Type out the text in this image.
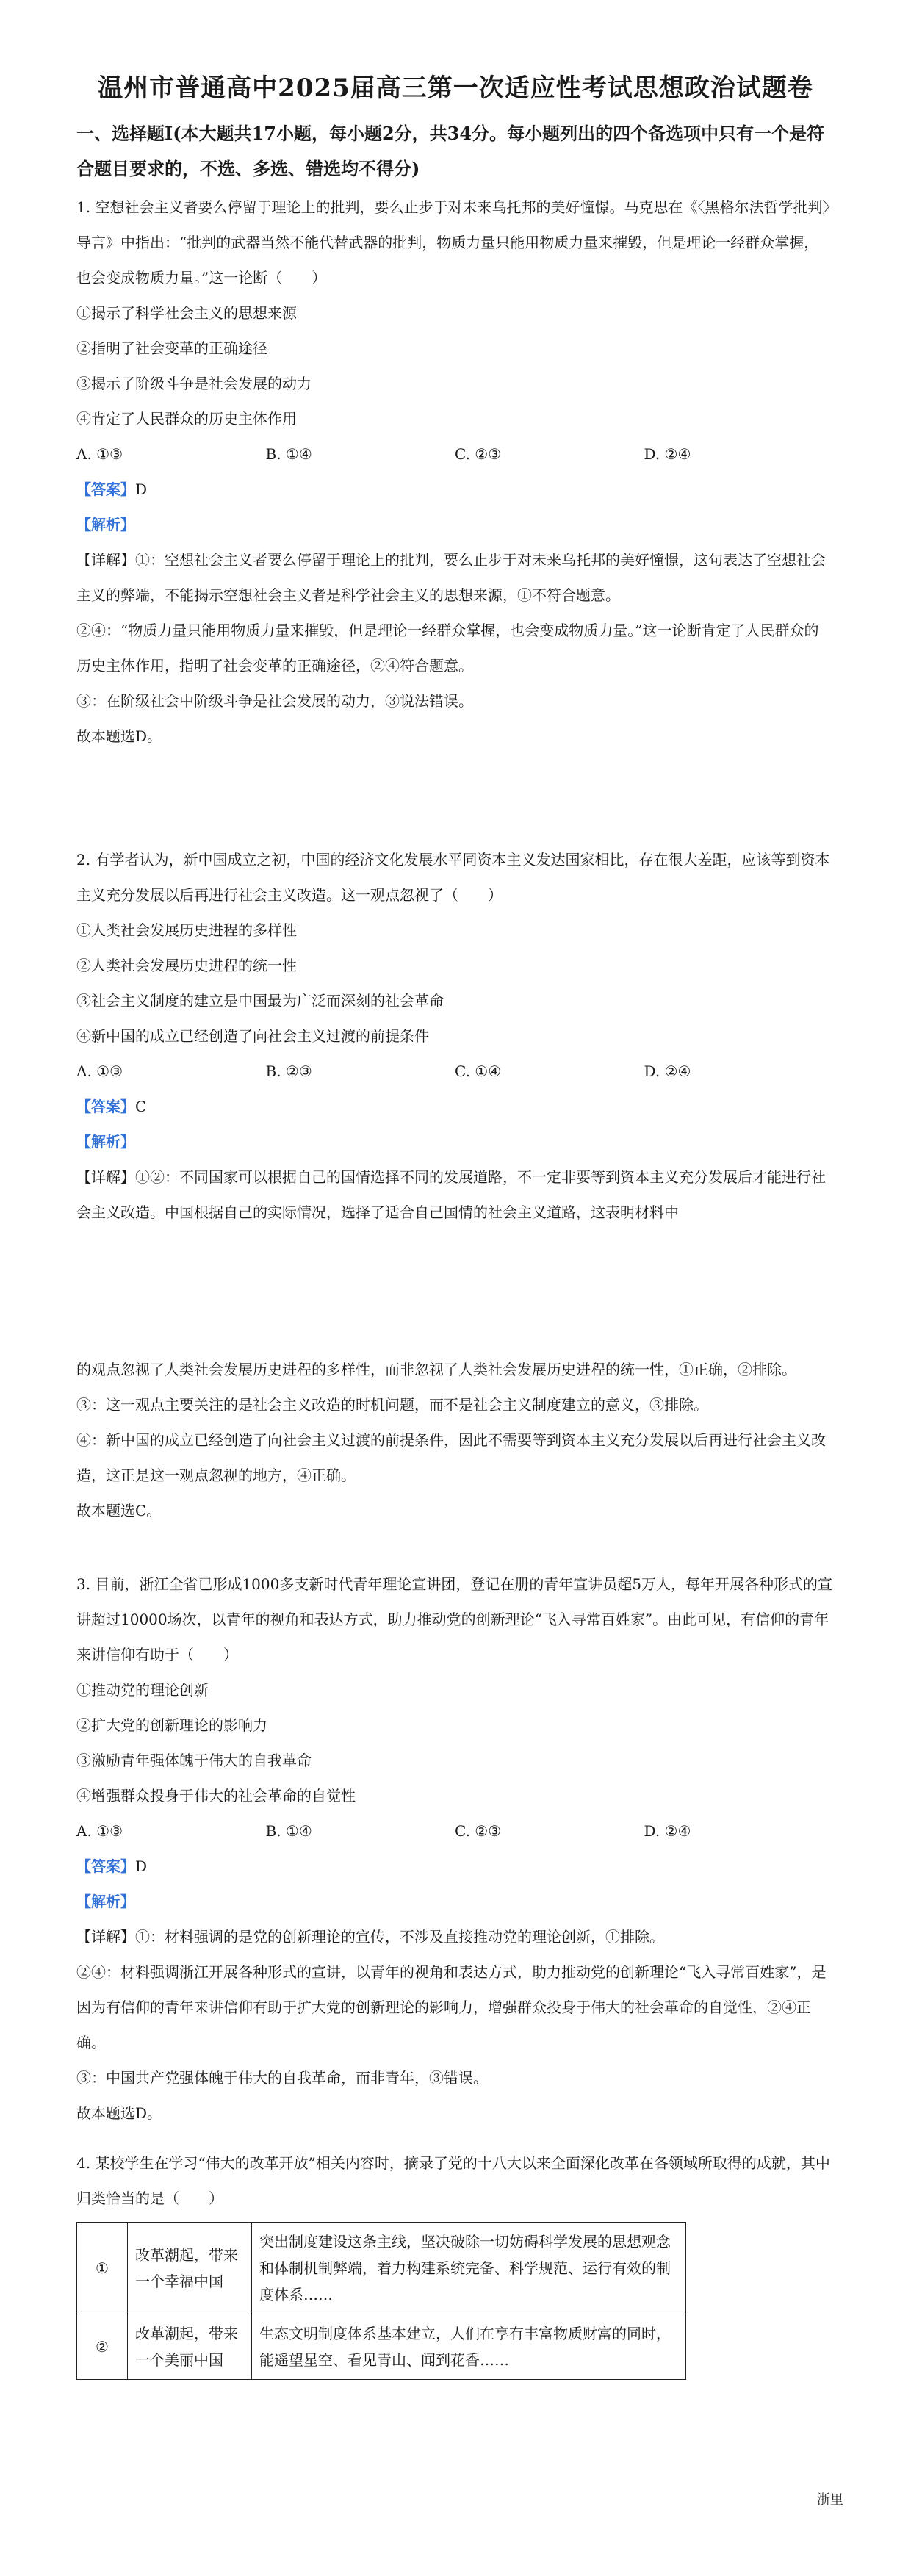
温州市普通高中2025届高三第一次适应性考试思想政治试题卷
一、选择题Ⅰ(本大题共17小题，每小题2分，共34分。每小题列出的四个备选项中只有一个是符合题目要求的，不选、多选、错选均不得分)

1. 空想社会主义者要么停留于理论上的批判，要么止步于对未来乌托邦的美好憧憬。马克思在《〈黑格尔法哲学批判〉导言》中指出：“批判的武器当然不能代替武器的批判，物质力量只能用物质力量来摧毁，但是理论一经群众掌握，也会变成物质力量。”这一论断（　　）

①揭示了科学社会主义的思想来源

②指明了社会变革的正确途径

③揭示了阶级斗争是社会发展的动力

④肯定了人民群众的历史主体作用

A. ①③	B. ①④	C. ②③	D. ②④
【答案】D
【解析】

【详解】①：空想社会主义者要么停留于理论上的批判，要么止步于对未来乌托邦的美好憧憬，这句表达了空想社会主义的弊端，不能揭示空想社会主义者是科学社会主义的思想来源，①不符合题意。

②④：“物质力量只能用物质力量来摧毁，但是理论一经群众掌握，也会变成物质力量。”这一论断肯定了人民群众的历史主体作用，指明了社会变革的正确途径，②④符合题意。

③：在阶级社会中阶级斗争是社会发展的动力，③说法错误。

故本题选D。

2. 有学者认为，新中国成立之初，中国的经济文化发展水平同资本主义发达国家相比，存在很大差距，应该等到资本主义充分发展以后再进行社会主义改造。这一观点忽视了（　　）

①人类社会发展历史进程的多样性

②人类社会发展历史进程的统一性

③社会主义制度的建立是中国最为广泛而深刻的社会革命

④新中国的成立已经创造了向社会主义过渡的前提条件

A. ①③	B. ②③	C. ①④	D. ②④
【答案】C
【解析】

【详解】①②：不同国家可以根据自己的国情选择不同的发展道路，不一定非要等到资本主义充分发展后才能进行社会主义改造。中国根据自己的实际情况，选择了适合自己国情的社会主义道路，这表明材料中

的观点忽视了人类社会发展历史进程的多样性，而非忽视了人类社会发展历史进程的统一性，①正确，②排除。

③：这一观点主要关注的是社会主义改造的时机问题，而不是社会主义制度建立的意义，③排除。

④：新中国的成立已经创造了向社会主义过渡的前提条件，因此不需要等到资本主义充分发展以后再进行社会主义改造，这正是这一观点忽视的地方，④正确。

故本题选C。

3. 目前，浙江全省已形成1000多支新时代青年理论宣讲团，登记在册的青年宣讲员超5万人，每年开展各种形式的宣讲超过10000场次，以青年的视角和表达方式，助力推动党的创新理论“飞入寻常百姓家”。由此可见，有信仰的青年来讲信仰有助于（　　）

①推动党的理论创新

②扩大党的创新理论的影响力

③激励青年强体魄于伟大的自我革命

④增强群众投身于伟大的社会革命的自觉性

A. ①③	B. ①④	C. ②③	D. ②④
【答案】D
【解析】

【详解】①：材料强调的是党的创新理论的宣传，不涉及直接推动党的理论创新，①排除。

②④：材料强调浙江开展各种形式的宣讲，以青年的视角和表达方式，助力推动党的创新理论“飞入寻常百姓家”，是因为有信仰的青年来讲信仰有助于扩大党的创新理论的影响力，增强群众投身于伟大的社会革命的自觉性，②④正确。

③：中国共产党强体魄于伟大的自我革命，而非青年，③错误。

故本题选D。

4. 某校学生在学习“伟大的改革开放”相关内容时，摘录了党的十八大以来全面深化改革在各领域所取得的成就，其中归类恰当的是（　　）

①	改革潮起，带来一个幸福中国	突出制度建设这条主线，坚决破除一切妨碍科学发展的思想观念和体制机制弊端，着力构建系统完备、科学规范、运行有效的制度体系……
②	改革潮起，带来一个美丽中国	生态文明制度体系基本建立，人们在享有丰富物质财富的同时，能遥望星空、看见青山、闻到花香……
浙里
